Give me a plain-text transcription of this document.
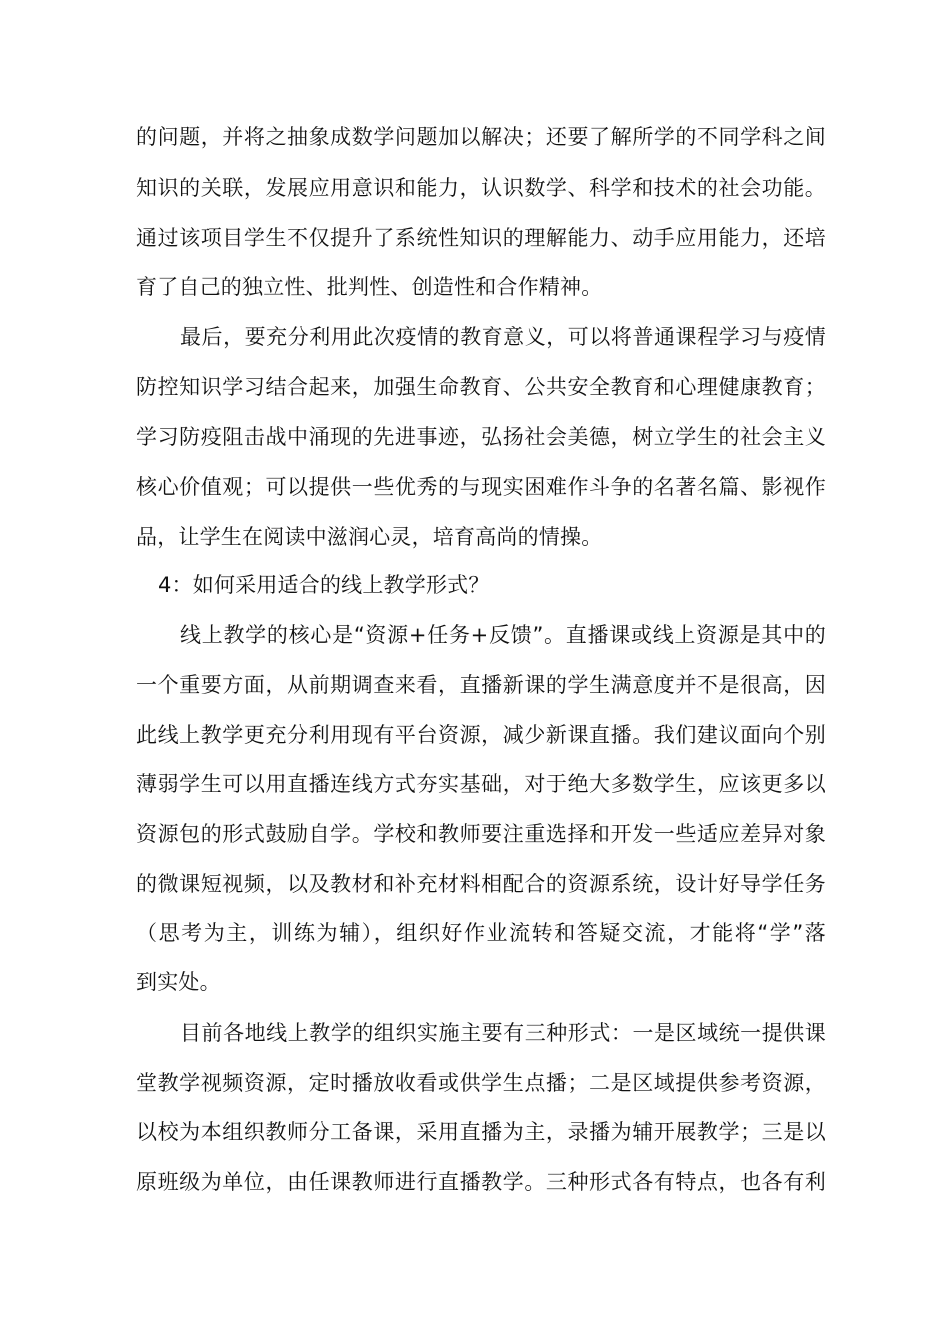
的问题，并将之抽象成数学问题加以解决；还要了解所学的不同学科之间
知识的关联，发展应用意识和能力，认识数学、科学和技术的社会功能。
通过该项目学生不仅提升了系统性知识的理解能力、动手应用能力，还培
育了自己的独立性、批判性、创造性和合作精神。
最后，要充分利用此次疫情的教育意义，可以将普通课程学习与疫情
防控知识学习结合起来，加强生命教育、公共安全教育和心理健康教育；
学习防疫阻击战中涌现的先进事迹，弘扬社会美德，树立学生的社会主义
核心价值观；可以提供一些优秀的与现实困难作斗争的名著名篇、影视作
品，让学生在阅读中滋润心灵，培育高尚的情操。
4：如何采用适合的线上教学形式？
线上教学的核心是“资源+任务+反馈”。直播课或线上资源是其中的
一个重要方面，从前期调查来看，直播新课的学生满意度并不是很高，因
此线上教学更充分利用现有平台资源，减少新课直播。我们建议面向个别
薄弱学生可以用直播连线方式夯实基础，对于绝大多数学生，应该更多以
资源包的形式鼓励自学。学校和教师要注重选择和开发一些适应差异对象
的微课短视频，以及教材和补充材料相配合的资源系统，设计好导学任务
（思考为主，训练为辅），组织好作业流转和答疑交流，才能将“学”落
到实处。
目前各地线上教学的组织实施主要有三种形式：一是区域统一提供课
堂教学视频资源，定时播放收看或供学生点播；二是区域提供参考资源，
以校为本组织教师分工备课，采用直播为主，录播为辅开展教学；三是以
原班级为单位，由任课教师进行直播教学。三种形式各有特点，也各有利
